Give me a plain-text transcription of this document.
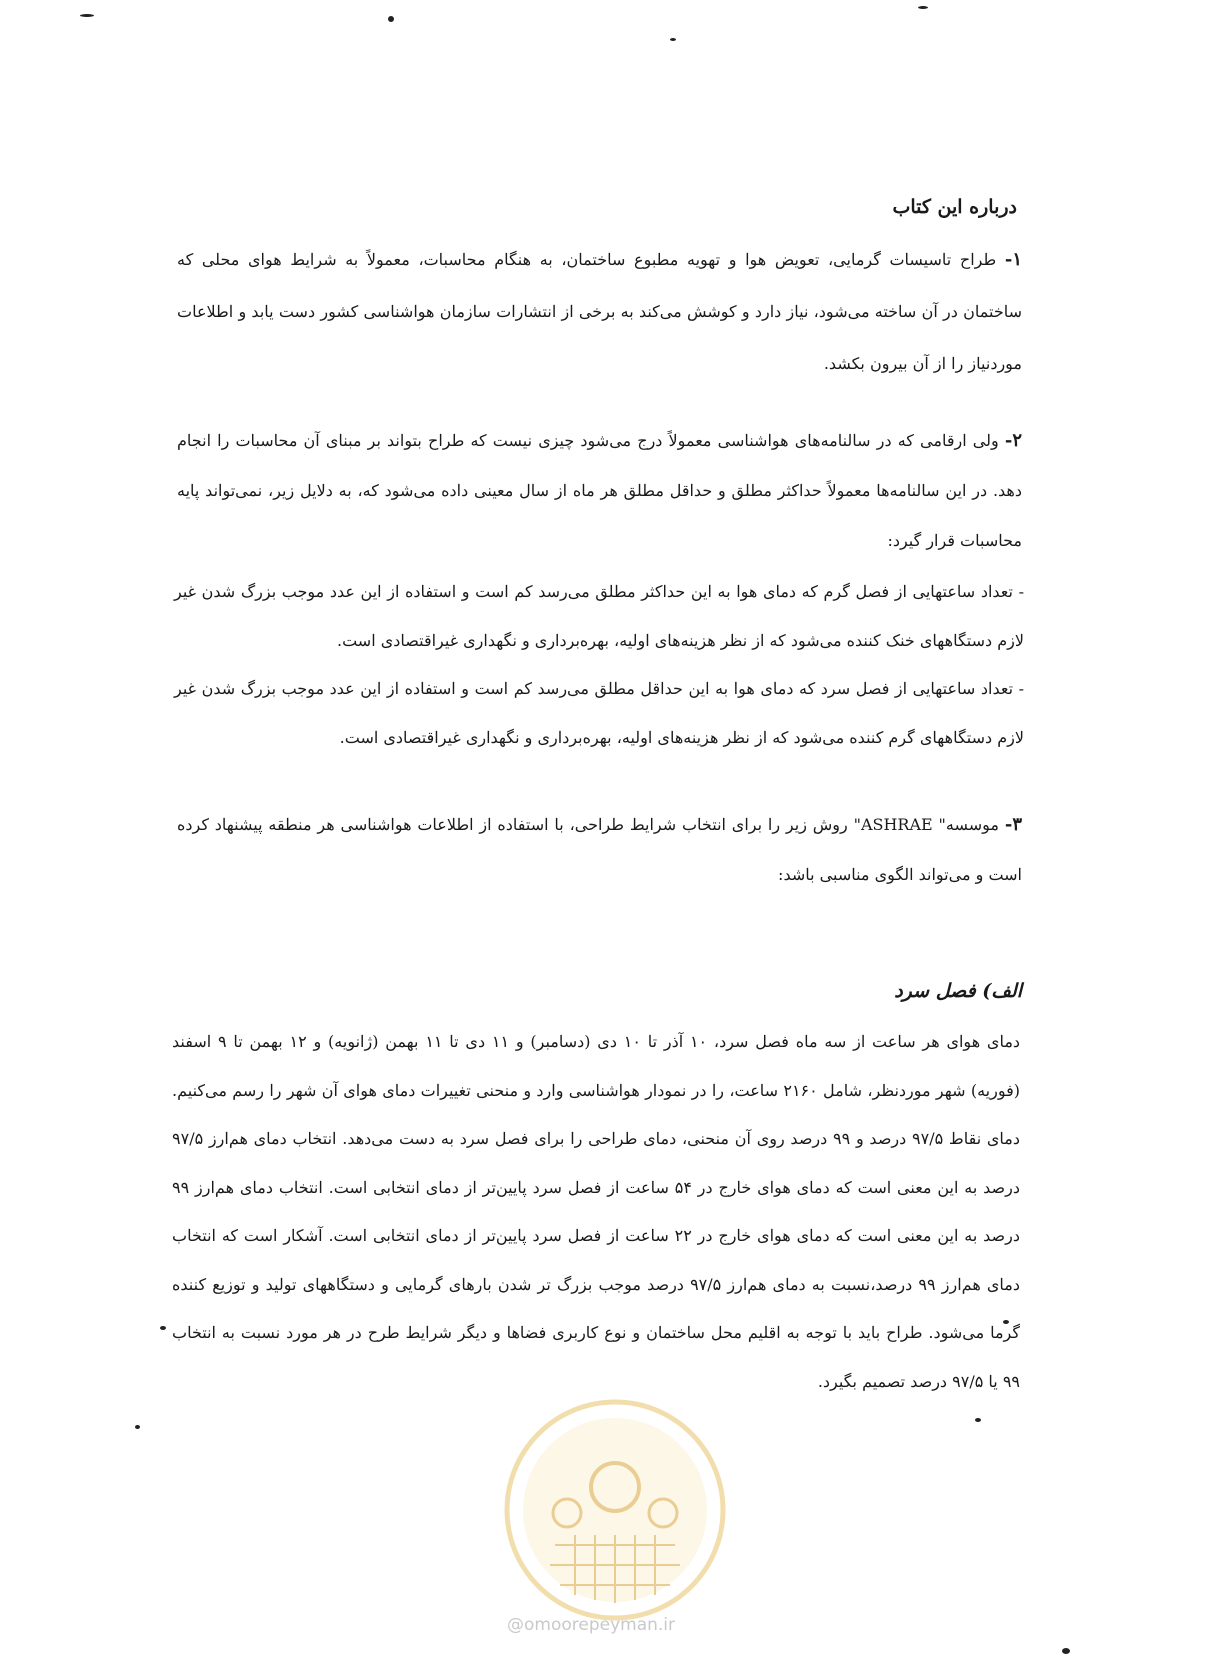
درباره این کتاب

۱- طراح تاسیسات گرمایی، تعویض هوا و تهویه مطبوع ساختمان، به هنگام محاسبات، معمولاً به شرایط هوای محلی که ساختمان در آن ساخته می‌شود، نیاز دارد و کوشش می‌کند به برخی از انتشارات سازمان هواشناسی کشور دست یابد و اطلاعات موردنیاز را از آن بیرون بکشد.

۲- ولی ارقامی که در سالنامه‌های هواشناسی معمولاً درج می‌شود چیزی نیست که طراح بتواند بر مبنای آن محاسبات را انجام دهد. در این سالنامه‌ها معمولاً حداکثر مطلق و حداقل مطلق هر ماه از سال معینی داده می‌شود که، به دلایل زیر، نمی‌تواند پایه محاسبات قرار گیرد:

- تعداد ساعتهایی از فصل گرم که دمای هوا به این حداکثر مطلق می‌رسد کم است و استفاده از این عدد موجب بزرگ شدن غیر لازم دستگاههای خنک کننده می‌شود که از نظر هزینه‌های اولیه، بهره‌برداری و نگهداری غیراقتصادی است.

- تعداد ساعتهایی از فصل سرد که دمای هوا به این حداقل مطلق می‌رسد کم است و استفاده از این عدد موجب بزرگ شدن غیر لازم دستگاههای گرم کننده می‌شود که از نظر هزینه‌های اولیه، بهره‌برداری و نگهداری غیراقتصادی است.

۳- موسسه" ASHRAE" روش زیر را برای انتخاب شرایط طراحی، با استفاده از اطلاعات هواشناسی هر منطقه پیشنهاد کرده است و می‌تواند الگوی مناسبی باشد:

الف) فصل سرد

دمای هوای هر ساعت از سه ماه فصل سرد، ۱۰ آذر تا ۱۰ دی (دسامبر) و ۱۱ دی تا ۱۱ بهمن (ژانویه) و ۱۲ بهمن تا ۹ اسفند (فوریه) شهر موردنظر، شامل ۲۱۶۰ ساعت، را در نمودار هواشناسی وارد و منحنی تغییرات دمای هوای آن شهر را رسم می‌کنیم. دمای نقاط ۹۷/۵ درصد و ۹۹ درصد روی آن منحنی، دمای طراحی را برای فصل سرد به دست می‌دهد. انتخاب دمای هم‌ارز ۹۷/۵ درصد به این معنی است که دمای هوای خارج در ۵۴ ساعت از فصل سرد پایین‌تر از دمای انتخابی است. انتخاب دمای هم‌ارز ۹۹ درصد به این معنی است که دمای هوای خارج در ۲۲ ساعت از فصل سرد پایین‌تر از دمای انتخابی است. آشکار است که انتخاب دمای هم‌ارز ۹۹ درصد،نسبت به دمای هم‌ارز ۹۷/۵ درصد موجب بزرگ تر شدن بارهای گرمایی و دستگاههای تولید و توزیع کننده گرما می‌شود. طراح باید با توجه به اقلیم محل ساختمان و نوع کاربری فضاها و دیگر شرایط طرح در هر مورد نسبت به انتخاب ۹۹ یا ۹۷/۵ درصد تصمیم بگیرد.

@omoorepeyman.ir
